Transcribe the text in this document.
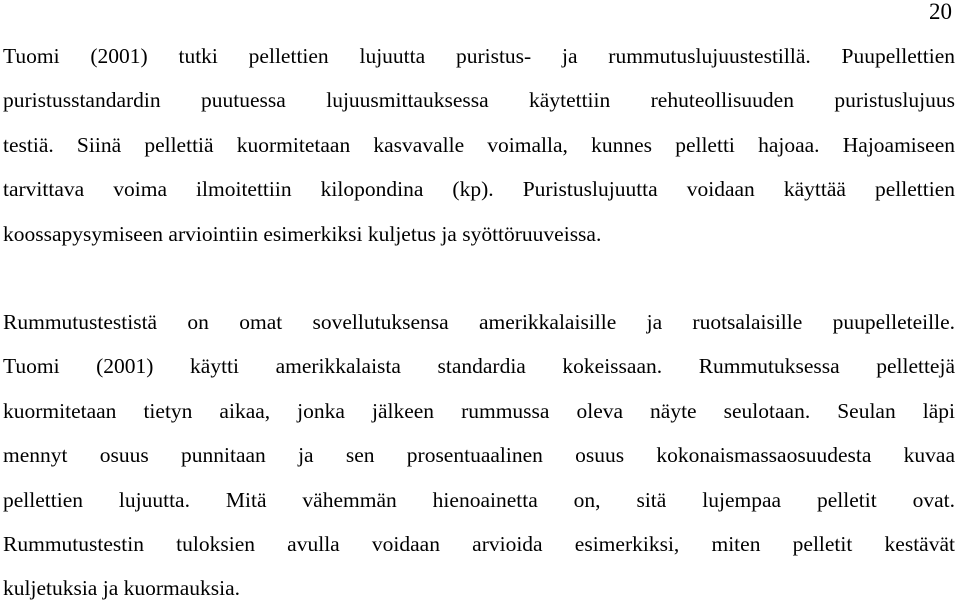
20
Tuomi (2001) tutki pellettien lujuutta puristus- ja rummutuslujuustestillä. Puupellettien
puristusstandardin puutuessa lujuusmittauksessa käytettiin rehuteollisuuden puristuslujuus
testiä. Siinä pellettiä kuormitetaan kasvavalle voimalla, kunnes pelletti hajoaa. Hajoamiseen
tarvittava voima ilmoitettiin kilopondina (kp). Puristuslujuutta voidaan käyttää pellettien
koossapysymiseen arviointiin esimerkiksi kuljetus ja syöttöruuveissa.
Rummutustestistä on omat sovellutuksensa amerikkalaisille ja ruotsalaisille puupelleteille.
Tuomi (2001) käytti amerikkalaista standardia kokeissaan. Rummutuksessa pellettejä
kuormitetaan tietyn aikaa, jonka jälkeen rummussa oleva näyte seulotaan. Seulan läpi
mennyt osuus punnitaan ja sen prosentuaalinen osuus kokonaismassaosuudesta kuvaa
pellettien lujuutta. Mitä vähemmän hienoainetta on, sitä lujempaa pelletit ovat.
Rummutustestin tuloksien avulla voidaan arvioida esimerkiksi, miten pelletit kestävät
kuljetuksia ja kuormauksia.
